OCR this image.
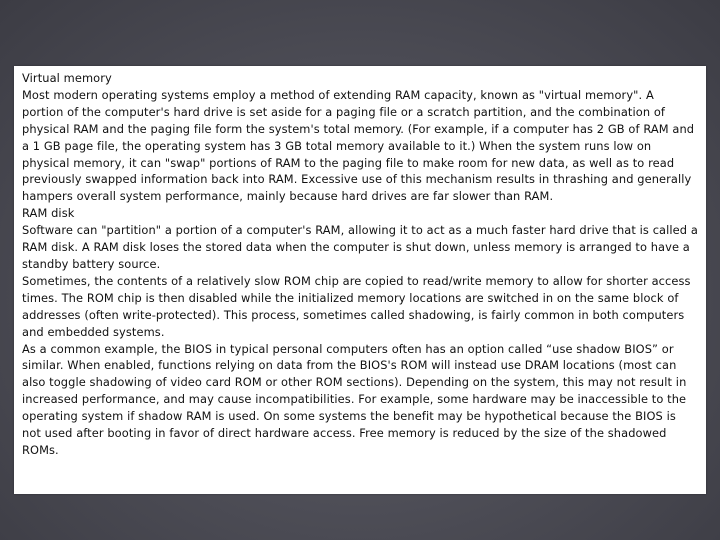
Virtual memory

Most modern operating systems employ a method of extending RAM capacity, known as "virtual memory". A portion of the computer's hard drive is set aside for a paging file or a scratch partition, and the combination of physical RAM and the paging file form the system's total memory. (For example, if a computer has 2 GB of RAM and a 1 GB page file, the operating system has 3 GB total memory available to it.) When the system runs low on physical memory, it can "swap" portions of RAM to the paging file to make room for new data, as well as to read previously swapped information back into RAM. Excessive use of this mechanism results in thrashing and generally hampers overall system performance, mainly because hard drives are far slower than RAM.

RAM disk

Software can "partition" a portion of a computer's RAM, allowing it to act as a much faster hard drive that is called a RAM disk. A RAM disk loses the stored data when the computer is shut down, unless memory is arranged to have a standby battery source.

Sometimes, the contents of a relatively slow ROM chip are copied to read/write memory to allow for shorter access times. The ROM chip is then disabled while the initialized memory locations are switched in on the same block of addresses (often write-protected). This process, sometimes called shadowing, is fairly common in both computers and embedded systems.

As a common example, the BIOS in typical personal computers often has an option called “use shadow BIOS” or similar. When enabled, functions relying on data from the BIOS's ROM will instead use DRAM locations (most can also toggle shadowing of video card ROM or other ROM sections). Depending on the system, this may not result in increased performance, and may cause incompatibilities. For example, some hardware may be inaccessible to the operating system if shadow RAM is used. On some systems the benefit may be hypothetical because the BIOS is not used after booting in favor of direct hardware access. Free memory is reduced by the size of the shadowed ROMs.
